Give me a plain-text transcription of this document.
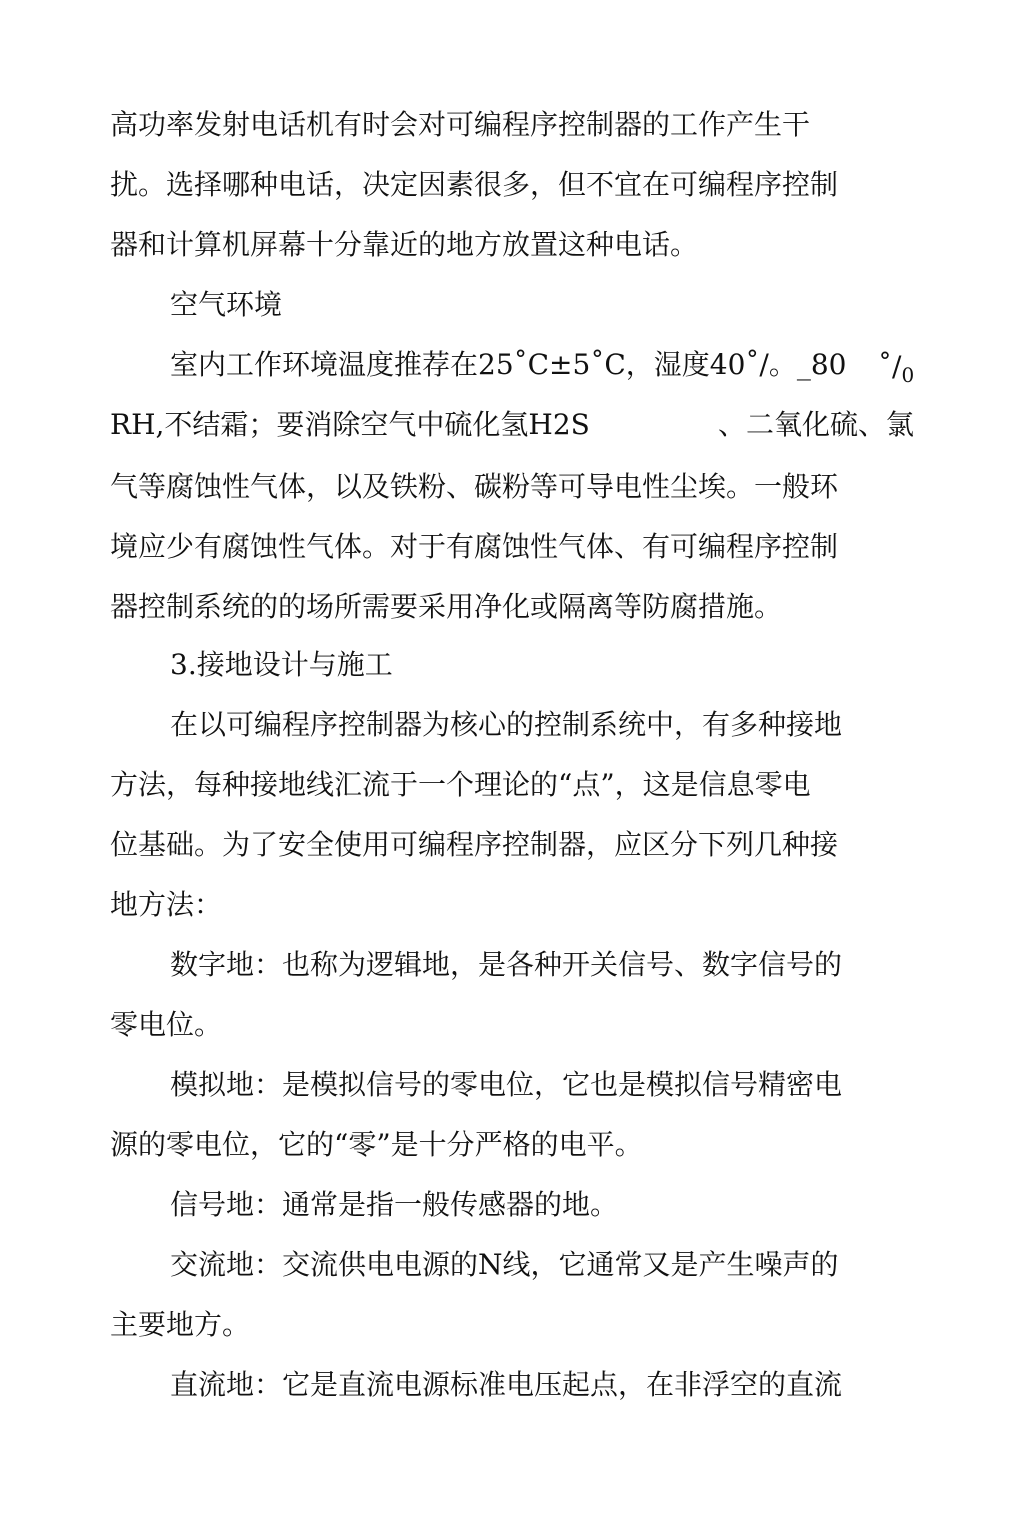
高功率发射电话机有时会对可编程序控制器的工作产生干
扰。选择哪种电话，决定因素很多，但不宜在可编程序控制
器和计算机屏幕十分靠近的地方放置这种电话。
空气环境
室内工作环境温度推荐在25˚C±5˚C，湿度40˚/。_80 $˚/_0$
RH,不结霜；要消除空气中硫化氢H2S	、二氧化硫、氯
气等腐蚀性气体，以及铁粉、碳粉等可导电性尘埃。一般环
境应少有腐蚀性气体。对于有腐蚀性气体、有可编程序控制
器控制系统的的场所需要采用净化或隔离等防腐措施。
3.接地设计与施工
在以可编程序控制器为核心的控制系统中，有多种接地
方法，每种接地线汇流于一个理论的“点”，这是信息零电
位基础。为了安全使用可编程序控制器，应区分下列几种接
地方法：
数字地：也称为逻辑地，是各种开关信号、数字信号的
零电位。
模拟地：是模拟信号的零电位，它也是模拟信号精密电
源的零电位，它的“零”是十分严格的电平。
信号地：通常是指一般传感器的地。
交流地：交流供电电源的N线，它通常又是产生噪声的
主要地方。
直流地：它是直流电源标准电压起点，在非浮空的直流
